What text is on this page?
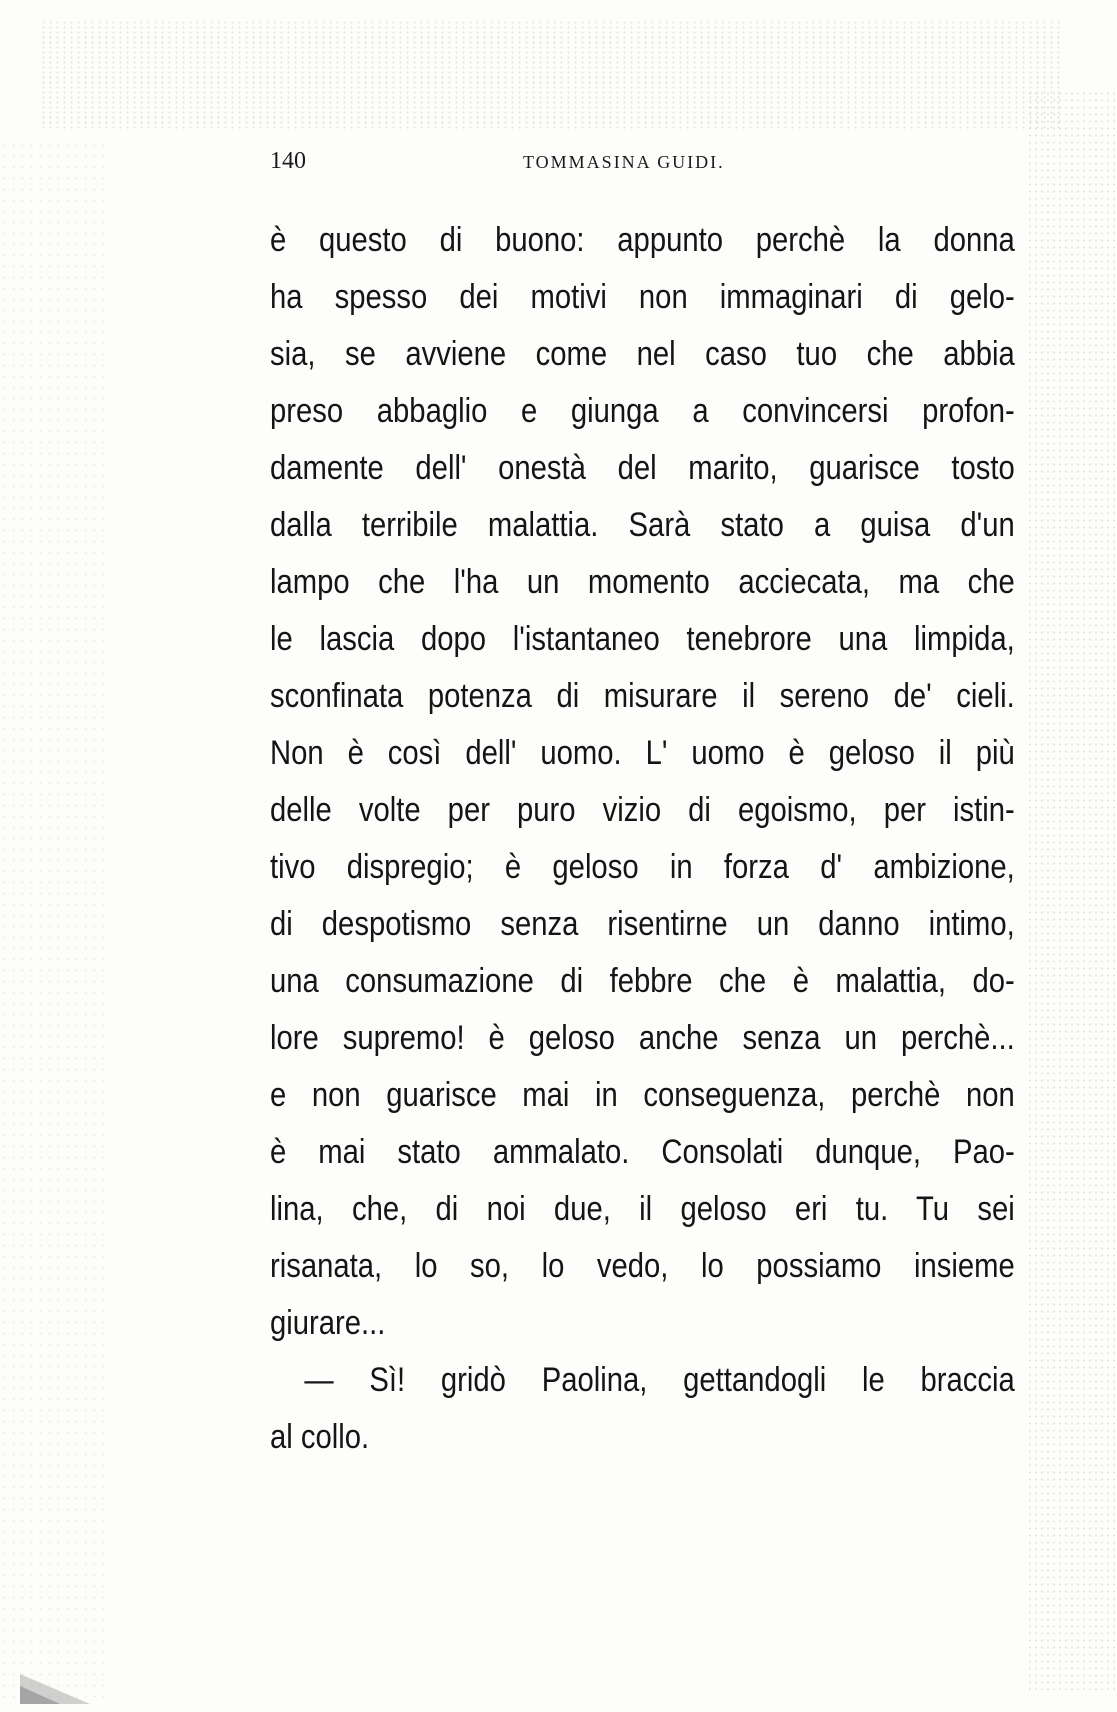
140	TOMMASINA GUIDI.
è questo di buono: appunto perchè la donna
ha spesso dei motivi non immaginari di gelo-
sia, se avviene come nel caso tuo che abbia
preso abbaglio e giunga a convincersi profon-
damente dell' onestà del marito, guarisce tosto
dalla terribile malattia. Sarà stato a guisa d'un
lampo che l'ha un momento acciecata, ma che
le lascia dopo l'istantaneo tenebrore una limpida,
sconfinata potenza di misurare il sereno de' cieli.
Non è così dell' uomo. L' uomo è geloso il più
delle volte per puro vizio di egoismo, per istin-
tivo dispregio; è geloso in forza d' ambizione,
di despotismo senza risentirne un danno intimo,
una consumazione di febbre che è malattia, do-
lore supremo! è geloso anche senza un perchè...
e non guarisce mai in conseguenza, perchè non
è mai stato ammalato. Consolati dunque, Pao-
lina, che, di noi due, il geloso eri tu. Tu sei
risanata, lo so, lo vedo, lo possiamo insieme
giurare...
— Sì! gridò Paolina, gettandogli le braccia
al collo.
